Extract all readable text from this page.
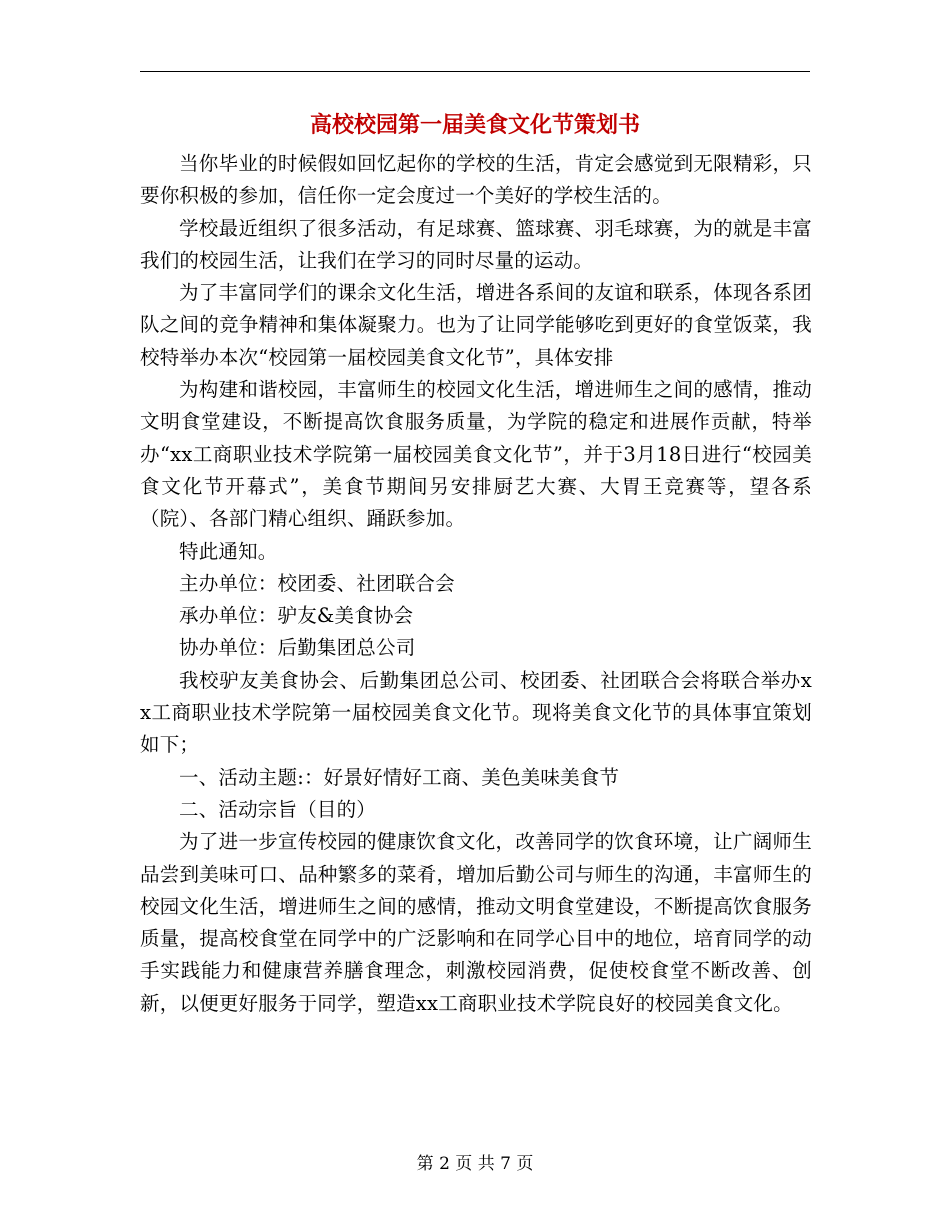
高校校园第一届美食文化节策划书

当你毕业的时候假如回忆起你的学校的生活，肯定会感觉到无限精彩，只要你积极的参加，信任你一定会度过一个美好的学校生活的。

学校最近组织了很多活动，有足球赛、篮球赛、羽毛球赛，为的就是丰富我们的校园生活，让我们在学习的同时尽量的运动。

为了丰富同学们的课余文化生活，增进各系间的友谊和联系，体现各系团队之间的竞争精神和集体凝聚力。也为了让同学能够吃到更好的食堂饭菜，我校特举办本次“校园第一届校园美食文化节”，具体安排

为构建和谐校园，丰富师生的校园文化生活，增进师生之间的感情，推动文明食堂建设，不断提高饮食服务质量，为学院的稳定和进展作贡献，特举办“xx工商职业技术学院第一届校园美食文化节”，并于3月18日进行“校园美食文化节开幕式”，美食节期间另安排厨艺大赛、大胃王竞赛等，望各系（院）、各部门精心组织、踊跃参加。

特此通知。

主办单位：校团委、社团联合会

承办单位：驴友&美食协会

协办单位：后勤集团总公司

我校驴友美食协会、后勤集团总公司、校团委、社团联合会将联合举办xx工商职业技术学院第一届校园美食文化节。现将美食文化节的具体事宜策划如下；

一、活动主题:：好景好情好工商、美色美味美食节

二、活动宗旨（目的）

为了进一步宣传校园的健康饮食文化，改善同学的饮食环境，让广阔师生品尝到美味可口、品种繁多的菜肴，增加后勤公司与师生的沟通，丰富师生的校园文化生活，增进师生之间的感情，推动文明食堂建设，不断提高饮食服务质量，提高校食堂在同学中的广泛影响和在同学心目中的地位，培育同学的动手实践能力和健康营养膳食理念，刺激校园消费，促使校食堂不断改善、创新，以便更好服务于同学，塑造xx工商职业技术学院良好的校园美食文化。

第 2 页 共 7 页
